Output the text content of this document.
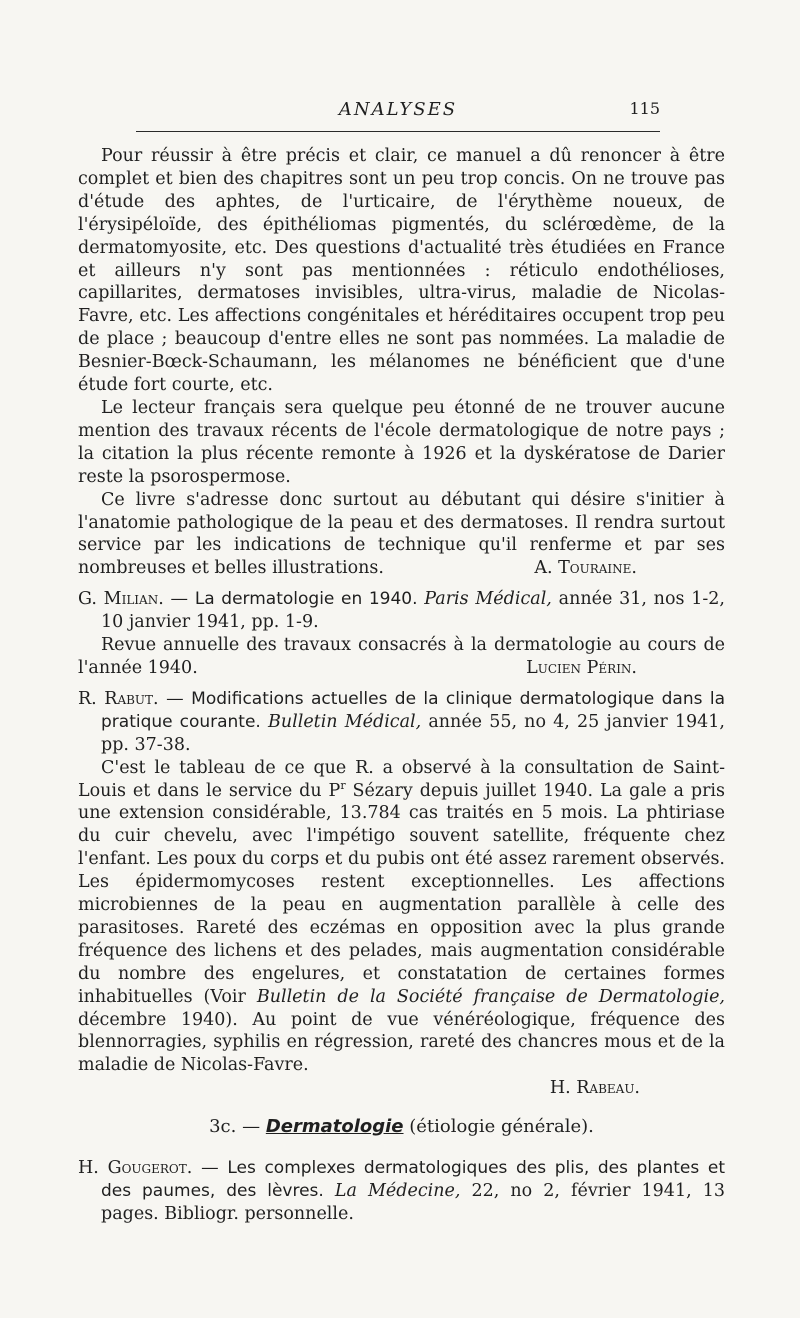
ANALYSES	115

Pour réussir à être précis et clair, ce manuel a dû renoncer à être complet et bien des chapitres sont un peu trop concis. On ne trouve pas d'étude des aphtes, de l'urticaire, de l'érythème noueux, de l'érysipéloïde, des épithéliomas pigmentés, du sclérœdème, de la dermatomyosite, etc. Des questions d'actualité très étudiées en France et ailleurs n'y sont pas mentionnées : réticulo endothélioses, capillarites, dermatoses invisibles, ultra-virus, maladie de Nicolas-Favre, etc. Les affections congénitales et héréditaires occupent trop peu de place ; beaucoup d'entre elles ne sont pas nommées. La maladie de Besnier-Bœck-Schaumann, les mélanomes ne bénéficient que d'une étude fort courte, etc.

Le lecteur français sera quelque peu étonné de ne trouver aucune mention des travaux récents de l'école dermatologique de notre pays ; la citation la plus récente remonte à 1926 et la dyskératose de Darier reste la psorospermose.

Ce livre s'adresse donc surtout au débutant qui désire s'initier à l'anatomie pathologique de la peau et des dermatoses. Il rendra surtout service par les indications de technique qu'il renferme et par ses nombreuses et belles illustrations.	A. Touraine.

G. Milian. — La dermatologie en 1940. Paris Médical, année 31, nos 1-2, 10 janvier 1941, pp. 1-9.

Revue annuelle des travaux consacrés à la dermatologie au cours de l'année 1940.	Lucien Périn.

R. Rabut. — Modifications actuelles de la clinique dermatologique dans la pratique courante. Bulletin Médical, année 55, no 4, 25 janvier 1941, pp. 37-38.

C'est le tableau de ce que R. a observé à la consultation de Saint-Louis et dans le service du $P^r$ Sézary depuis juillet 1940. La gale a pris une extension considérable, 13.784 cas traités en 5 mois. La phtiriase du cuir chevelu, avec l'impétigo souvent satellite, fréquente chez l'enfant. Les poux du corps et du pubis ont été assez rarement observés. Les épidermomycoses restent exceptionnelles. Les affections microbiennes de la peau en augmentation parallèle à celle des parasitoses. Rareté des eczémas en opposition avec la plus grande fréquence des lichens et des pelades, mais augmentation considérable du nombre des engelures, et constatation de certaines formes inhabituelles (Voir Bulletin de la Société française de Dermatologie, décembre 1940). Au point de vue vénéréologique, fréquence des blennorragies, syphilis en régression, rareté des chancres mous et de la maladie de Nicolas-Favre.

H. Rabeau.

3c. — Dermatologie (étiologie générale).

H. Gougerot. — Les complexes dermatologiques des plis, des plantes et des paumes, des lèvres. La Médecine, 22, no 2, février 1941, 13 pages. Bibliogr. personnelle.
